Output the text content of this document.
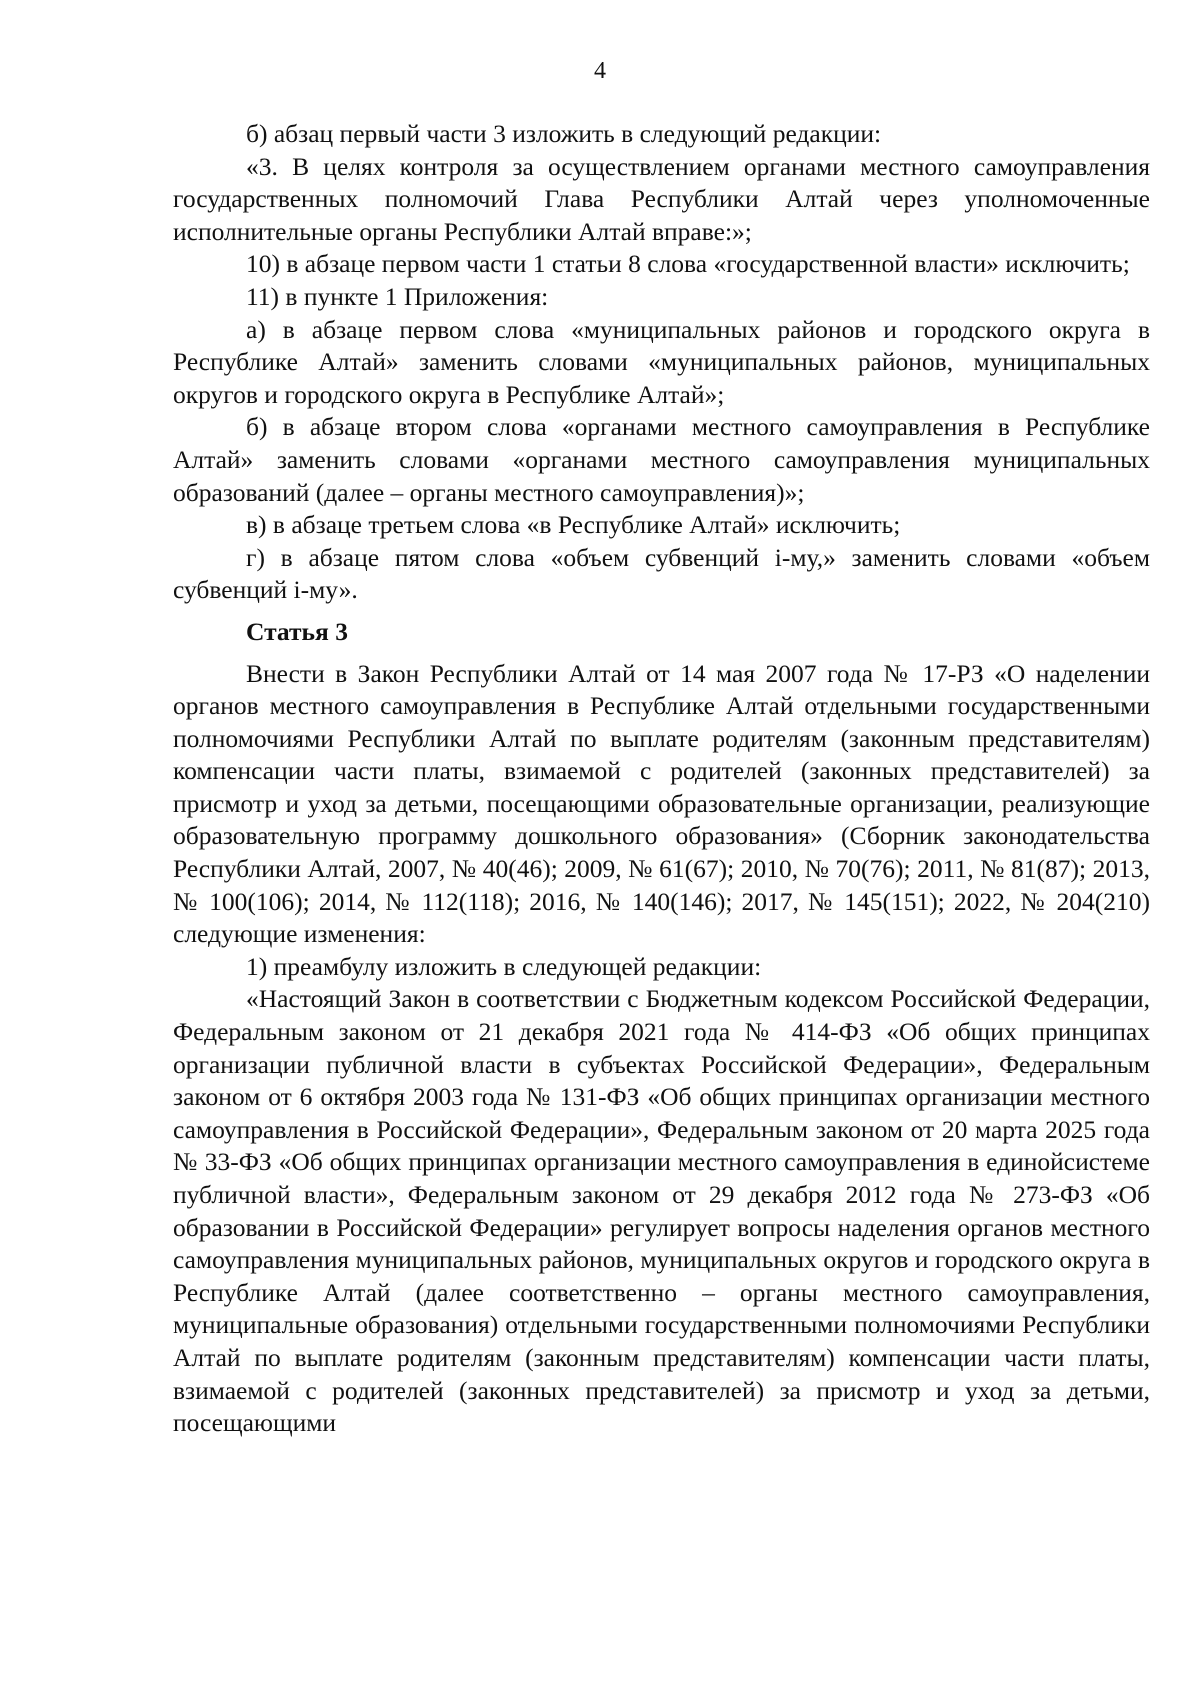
4

б) абзац первый части 3 изложить в следующий редакции:

«3. В целях контроля за осуществлением органами местного самоуправления государственных полномочий Глава Республики Алтай через уполномоченные исполнительные органы Республики Алтай вправе:»;

10) в абзаце первом части 1 статьи 8 слова «государственной власти» исключить;

11) в пункте 1 Приложения:

а) в абзаце первом слова «муниципальных районов и городского округа в Республике Алтай» заменить словами «муниципальных районов, муниципальных округов и городского округа в Республике Алтай»;

б) в абзаце втором слова «органами местного самоуправления в Республике Алтай» заменить словами «органами местного самоуправления муниципальных образований (далее – органы местного самоуправления)»;

в) в абзаце третьем слова «в Республике Алтай» исключить;

г) в абзаце пятом слова «объем субвенций i-му,» заменить словами «объем субвенций i-му».

Статья 3

Внести в Закон Республики Алтай от 14 мая 2007 года № 17-РЗ «О наделении органов местного самоуправления в Республике Алтай отдельными государственными полномочиями Республики Алтай по выплате родителям (законным представителям) компенсации части платы, взимаемой с родителей (законных представителей) за присмотр и уход за детьми, посещающими образовательные организации, реализующие образовательную программу дошкольного образования» (Сборник законодательства Республики Алтай, 2007, № 40(46); 2009, № 61(67); 2010, № 70(76); 2011, № 81(87); 2013, № 100(106); 2014, № 112(118); 2016, № 140(146); 2017, № 145(151); 2022, № 204(210) следующие изменения:

1) преамбулу изложить в следующей редакции:

«Настоящий Закон в соответствии с Бюджетным кодексом Российской Федерации, Федеральным законом от 21 декабря 2021 года № 414-ФЗ «Об общих принципах организации публичной власти в субъектах Российской Федерации», Федеральным законом от 6 октября 2003 года № 131-ФЗ «Об общих принципах организации местного самоуправления в Российской Федерации», Федеральным законом от 20 марта 2025 года № 33-ФЗ «Об общих принципах организации местного самоуправления в единойсистеме публичной власти», Федеральным законом от 29 декабря 2012 года № 273-ФЗ «Об образовании в Российской Федерации» регулирует вопросы наделения органов местного самоуправления муниципальных районов, муниципальных округов и городского округа в Республике Алтай (далее соответственно – органы местного самоуправления, муниципальные образования) отдельными государственными полномочиями Республики Алтай по выплате родителям (законным представителям) компенсации части платы, взимаемой с родителей (законных представителей) за присмотр и уход за детьми, посещающими
